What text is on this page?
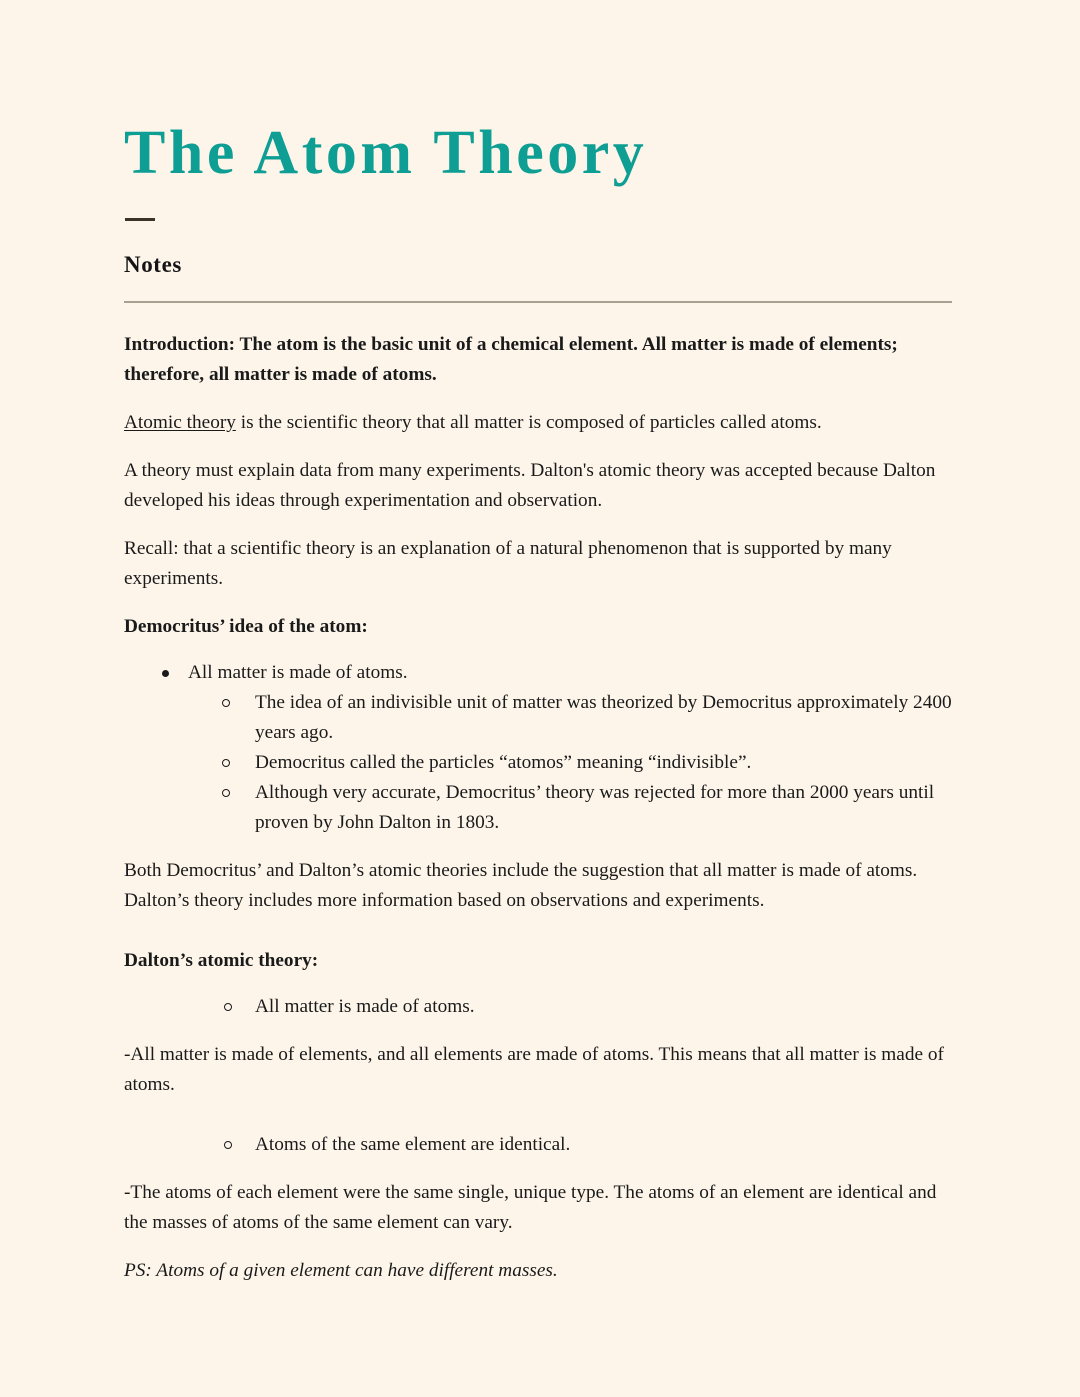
The Atom Theory
Notes

Introduction: The atom is the basic unit of a chemical element. All matter is made of elements; therefore, all matter is made of atoms.

Atomic theory is the scientific theory that all matter is composed of particles called atoms.

A theory must explain data from many experiments. Dalton's atomic theory was accepted because Dalton developed his ideas through experimentation and observation.

Recall: that a scientific theory is an explanation of a natural phenomenon that is supported by many experiments.

Democritus’ idea of the atom:

All matter is made of atoms.
The idea of an indivisible unit of matter was theorized by Democritus approximately 2400 years ago.
Democritus called the particles “atomos” meaning “indivisible”.
Although very accurate, Democritus’ theory was rejected for more than 2000 years until proven by John Dalton in 1803.

Both Democritus’ and Dalton’s atomic theories include the suggestion that all matter is made of atoms. Dalton’s theory includes more information based on observations and experiments.

Dalton’s atomic theory:

All matter is made of atoms.

-All matter is made of elements, and all elements are made of atoms. This means that all matter is made of atoms.

Atoms of the same element are identical.

-The atoms of each element were the same single, unique type. The atoms of an element are identical and the masses of atoms of the same element can vary.

PS: Atoms of a given element can have different masses.
